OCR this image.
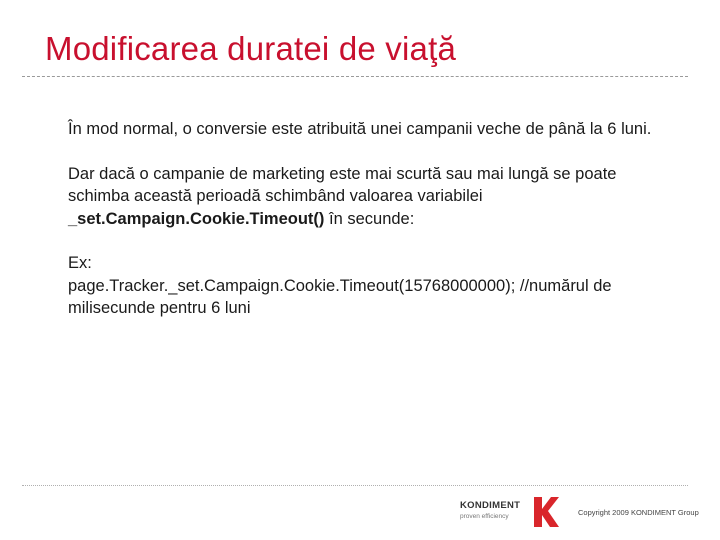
Modificarea duratei de viaţă

În mod normal, o conversie este atribuită unei campanii veche de până la 6 luni.

Dar dacă o campanie de marketing este mai scurtă sau mai lungă se poate schimba această perioadă schimbând valoarea variabilei _set.Campaign.Cookie.Timeout() în secunde:

Ex:
page.Tracker._set.Campaign.Cookie.Timeout(15768000000); //numărul de milisecunde pentru 6 luni

KONDIMENT
proven efficiency	Copyright 2009 KONDIMENT Group
